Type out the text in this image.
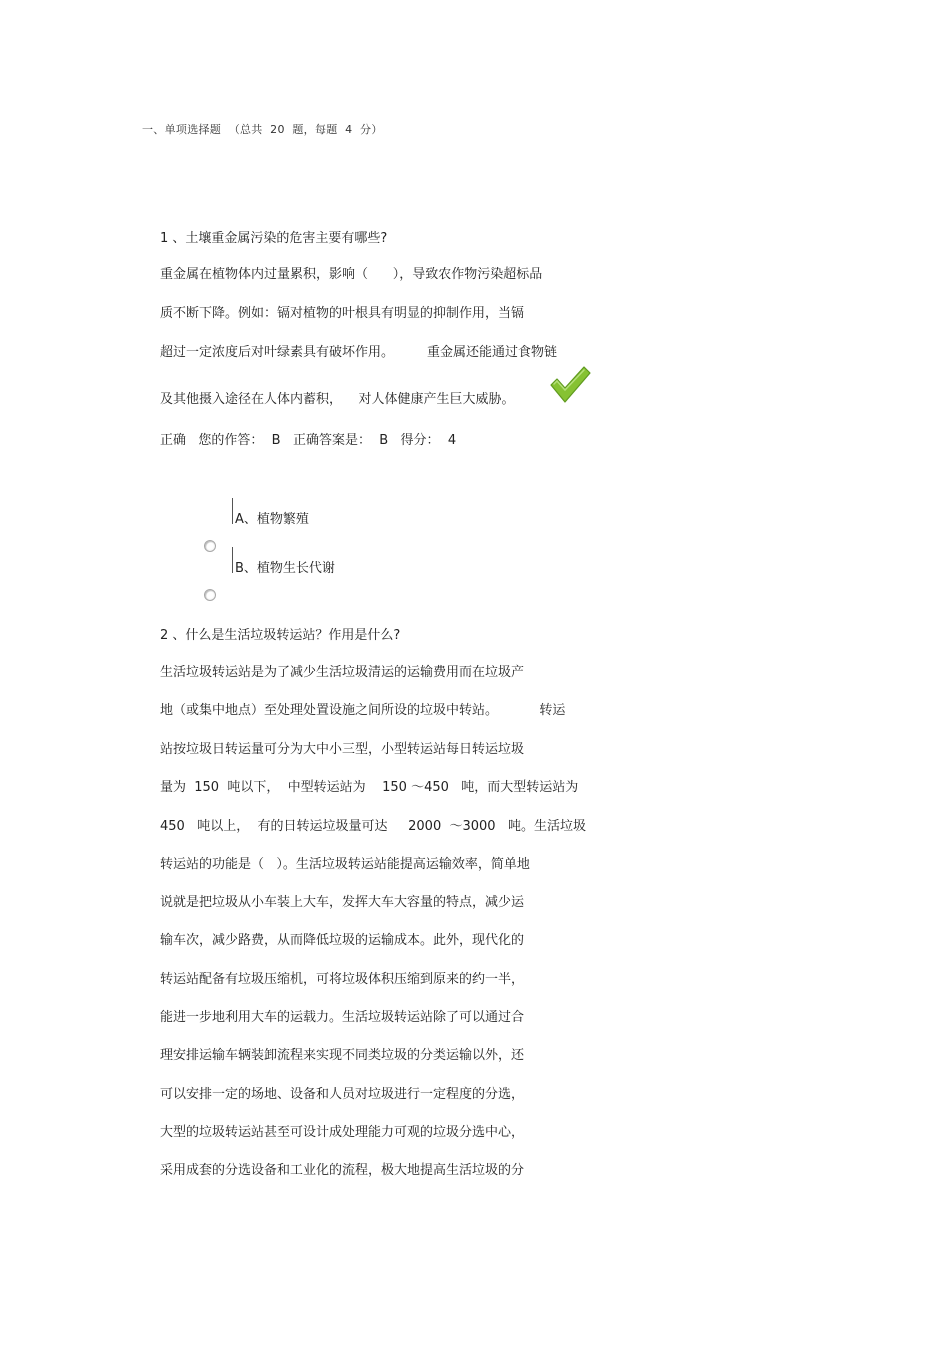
一、单项选择题  （总共  20  题，每题  4  分）
1 、土壤重金属污染的危害主要有哪些?
重金属在植物体内过量累积，影响（      ），导致农作物污染超标品
质不断下降。例如：镉对植物的叶根具有明显的抑制作用，当镉
超过一定浓度后对叶绿素具有破坏作用。        重金属还能通过食物链
及其他摄入途径在人体内蓄积，    对人体健康产生巨大威胁。
正确   您的作答：  B   正确答案是：  B   得分：  4

A、植物繁殖

B、植物生长代谢
2 、什么是生活垃圾转运站？作用是什么?
生活垃圾转运站是为了减少生活垃圾清运的运输费用而在垃圾产
地（或集中地点）至处理处置设施之间所设的垃圾中转站。          转运
站按垃圾日转运量可分为大中小三型，小型转运站每日转运垃圾
量为  150  吨以下，  中型转运站为    150 ～450   吨，而大型转运站为
450   吨以上，  有的日转运垃圾量可达     2000  ～3000   吨。生活垃圾
转运站的功能是（   ）。生活垃圾转运站能提高运输效率，简单地
说就是把垃圾从小车装上大车，发挥大车大容量的特点，减少运
输车次，减少路费，从而降低垃圾的运输成本。此外，现代化的
转运站配备有垃圾压缩机，可将垃圾体积压缩到原来的约一半，
能进一步地利用大车的运载力。生活垃圾转运站除了可以通过合
理安排运输车辆装卸流程来实现不同类垃圾的分类运输以外，还
可以安排一定的场地、设备和人员对垃圾进行一定程度的分选，
大型的垃圾转运站甚至可设计成处理能力可观的垃圾分选中心，
采用成套的分选设备和工业化的流程，极大地提高生活垃圾的分
